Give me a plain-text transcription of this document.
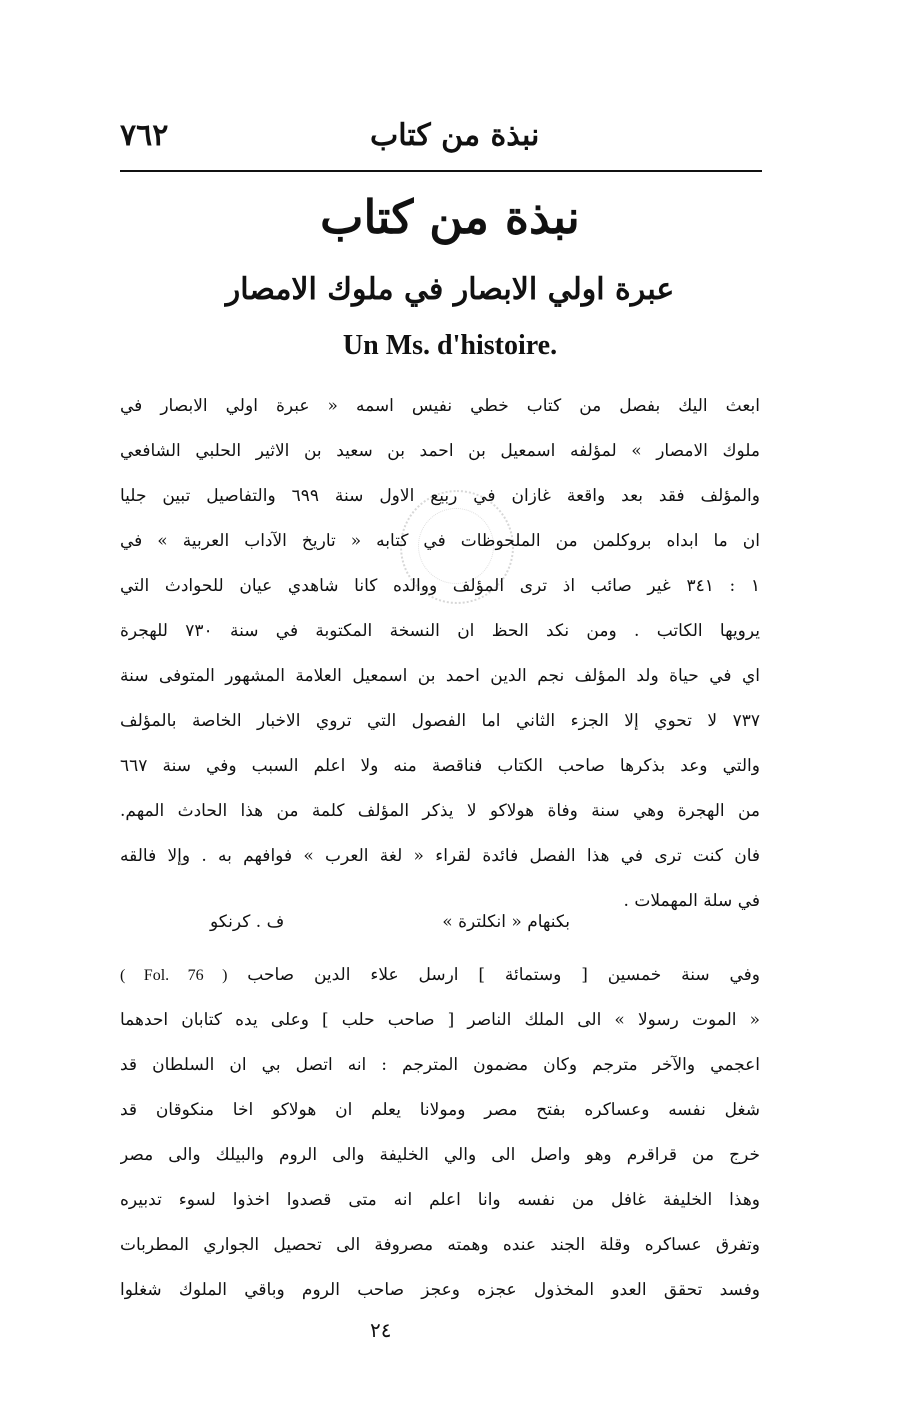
٧٦٢	نبذة من كتاب
نبذة من كتاب
عبرة اولي الابصار في ملوك الامصار
Un Ms. d'histoire.
ابعث اليك بفصل من كتاب خطي نفيس اسمه « عبرة اولي الابصار في
ملوك الامصار » لمؤلفه اسمعيل بن احمد بن سعيد بن الاثير الحلبي الشافعي
والمؤلف فقد بعد واقعة غازان في ربيع الاول سنة ٦٩٩ والتفاصيل تبين جليا
ان ما ابداه بروكلمن من الملحوظات في كتابه « تاريخ الآداب العربية » في
١ : ٣٤١ غير صائب اذ ترى المؤلف ووالده كانا شاهدي عيان للحوادث التي
يرويها الكاتب . ومن نكد الحظ ان النسخة المكتوبة في سنة ٧٣٠ للهجرة
اي في حياة ولد المؤلف نجم الدين احمد بن اسمعيل العلامة المشهور المتوفى سنة
٧٣٧ لا تحوي إلا الجزء الثاني اما الفصول التي تروي الاخبار الخاصة بالمؤلف
والتي وعد بذكرها صاحب الكتاب فناقصة منه ولا اعلم السبب وفي سنة ٦٦٧
من الهجرة وهي سنة وفاة هولاكو لا يذكر المؤلف كلمة من هذا الحادث المهم.
فان كنت ترى في هذا الفصل فائدة لقراء « لغة العرب » فوافهم به . وإلا فالقه
في سلة المهملات .
بكنهام « انكلترة »
ف . كرنكو
وفي سنة خمسين [ وستمائة ] ارسل علاء الدين صاحب ( Fol. 76 )
« الموت رسولا » الى الملك الناصر [ صاحب حلب ] وعلى يده كتابان احدهما
اعجمي والآخر مترجم وكان مضمون المترجم : انه اتصل بي ان السلطان قد
شغل نفسه وعساكره بفتح مصر ومولانا يعلم ان هولاكو اخا منكوقان قد
خرج من قراقرم وهو واصل الى والي الخليفة والى الروم والبيلك والى مصر
وهذا الخليفة غافل من نفسه وانا اعلم انه متى قصدوا اخذوا لسوء تدبيره
وتفرق عساكره وقلة الجند عنده وهمته مصروفة الى تحصيل الجواري المطربات
وفسد تحقق العدو المخذول عجزه وعجز صاحب الروم وباقي الملوك شغلوا
٢٤
